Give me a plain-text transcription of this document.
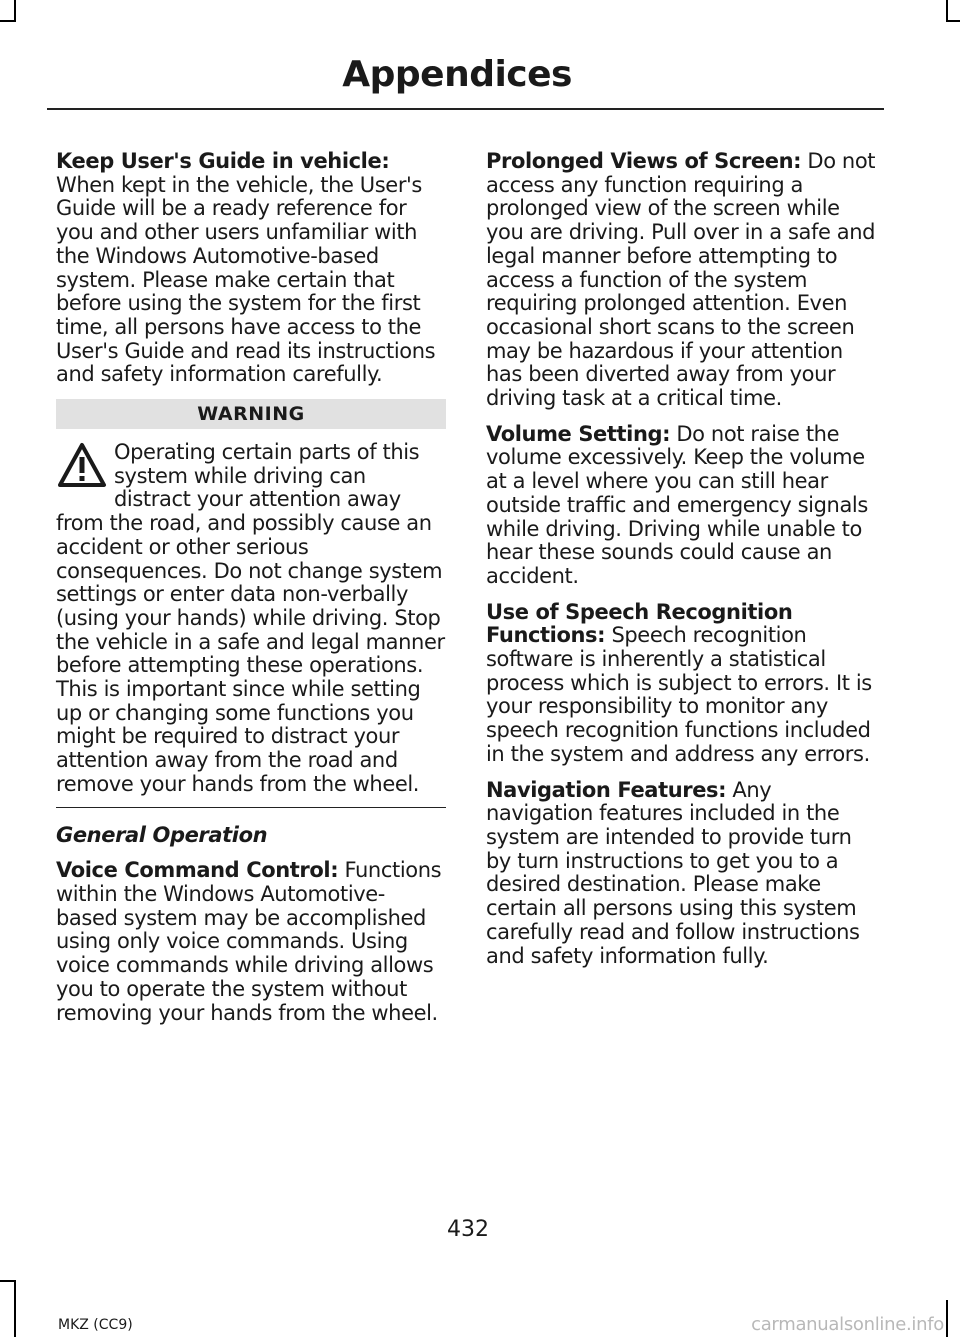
Appendices

Keep User's Guide in vehicle: When kept in the vehicle, the User's Guide will be a ready reference for you and other users unfamiliar with the Windows Automotive-based system. Please make certain that before using the system for the first time, all persons have access to the User's Guide and read its instructions and safety information carefully.

WARNING
Operating certain parts of this system while driving can distract your attention away from the road, and possibly cause an accident or other serious consequences. Do not change system settings or enter data non-verbally (using your hands) while driving. Stop the vehicle in a safe and legal manner before attempting these operations. This is important since while setting up or changing some functions you might be required to distract your attention away from the road and remove your hands from the wheel.

General Operation

Voice Command Control: Functions within the Windows Automotive-based system may be accomplished using only voice commands. Using voice commands while driving allows you to operate the system without removing your hands from the wheel.

Prolonged Views of Screen: Do not access any function requiring a prolonged view of the screen while you are driving. Pull over in a safe and legal manner before attempting to access a function of the system requiring prolonged attention. Even occasional short scans to the screen may be hazardous if your attention has been diverted away from your driving task at a critical time.

Volume Setting: Do not raise the volume excessively. Keep the volume at a level where you can still hear outside traffic and emergency signals while driving. Driving while unable to hear these sounds could cause an accident.

Use of Speech Recognition Functions: Speech recognition software is inherently a statistical process which is subject to errors. It is your responsibility to monitor any speech recognition functions included in the system and address any errors.

Navigation Features: Any navigation features included in the system are intended to provide turn by turn instructions to get you to a desired destination. Please make certain all persons using this system carefully read and follow instructions and safety information fully.

432
MKZ (CC9)	carmanualsonline.info
